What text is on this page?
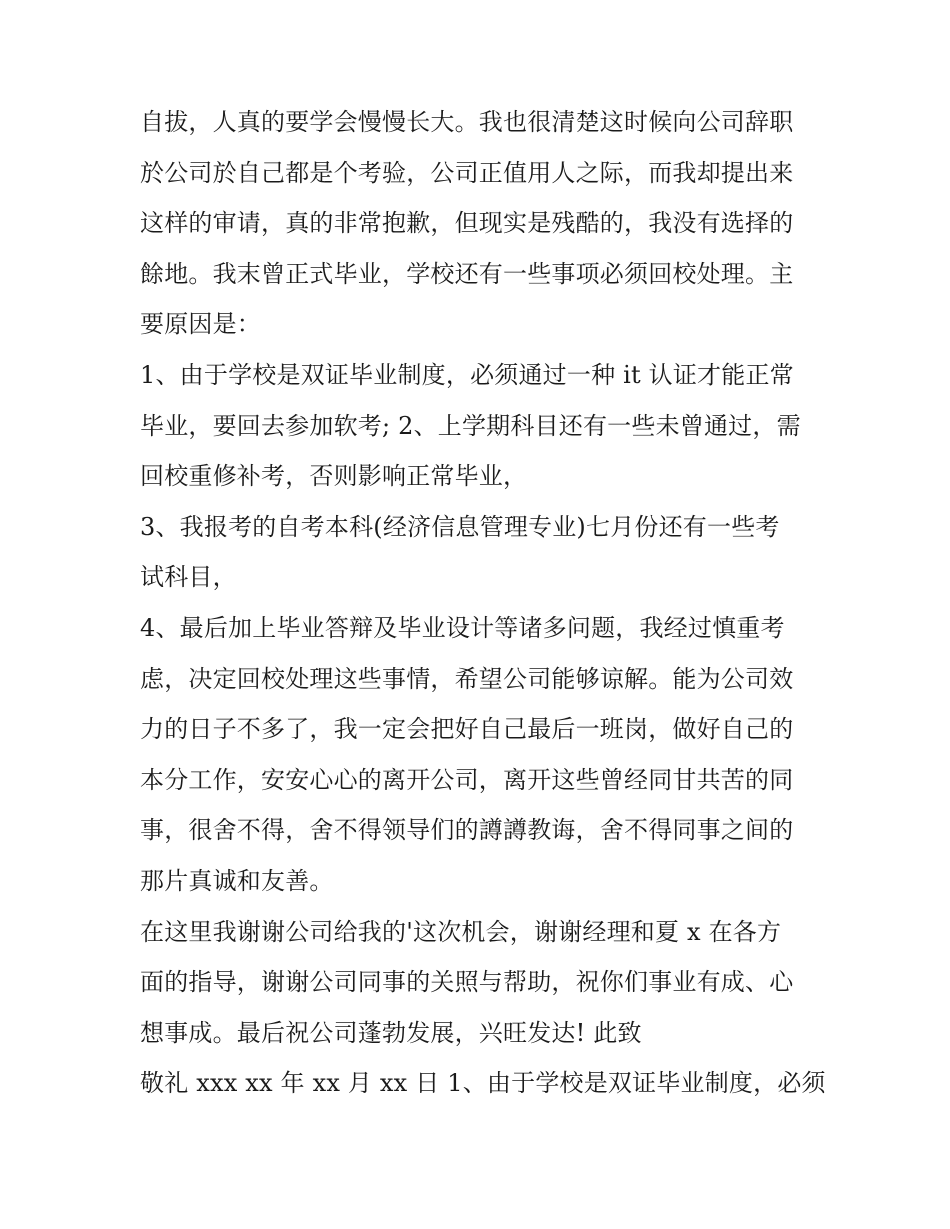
自拔，人真的要学会慢慢长大。我也很清楚这时候向公司辞职
於公司於自己都是个考验，公司正值用人之际，而我却提出来
这样的审请，真的非常抱歉，但现实是残酷的，我没有选择的
餘地。我末曾正式毕业，学校还有一些事项必须回校处理。主
要原因是：
1、由于学校是双证毕业制度，必须通过一种 it 认证才能正常
毕业，要回去参加软考; 2、上学期科目还有一些未曾通过，需
回校重修补考，否则影响正常毕业，
3、我报考的自考本科(经济信息管理专业)七月份还有一些考
试科目，
4、最后加上毕业答辩及毕业设计等诸多问题，我经过慎重考
虑，决定回校处理这些事情，希望公司能够谅解。能为公司效
力的日子不多了，我一定会把好自己最后一班岗，做好自己的
本分工作，安安心心的离开公司，离开这些曾经同甘共苦的同
事，很舍不得，舍不得领导们的譐譐教诲，舍不得同事之间的
那片真诚和友善。
在这里我谢谢公司给我的'这次机会，谢谢经理和夏 x 在各方
面的指导，谢谢公司同事的关照与帮助，祝你们事业有成、心
想事成。最后祝公司蓬勃发展，兴旺发达! 此致
敬礼 xxx xx 年 xx 月 xx 日 1、由于学校是双证毕业制度，必须
